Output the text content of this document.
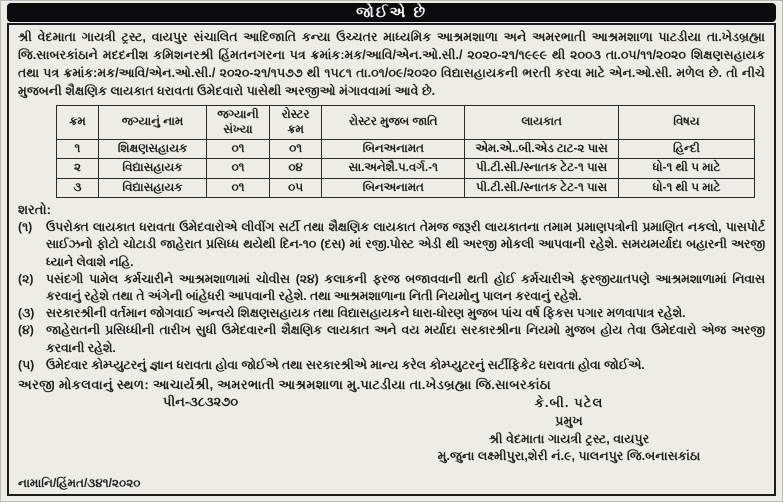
જોઈએ છે

શ્રી વેદમાતા ગાયત્રી ટ્રસ્ટ, વાયપુર સંચાલિત આદિજાતિ કન્યા ઉચ્ચતર માધ્યમિક આશ્રમશાળા અને અમરભાતી આશ્રમશાળા પાટડીયા તા.ખેડબ્રહ્મા જિ.સાબરકાંઠાને મદદનીશ કમિશનરશ્રી હિંમતનગરના પત્ર ક્રમાંક:મક/આવિ/એન.ઓ.સી./ ૨૦૨૦-૨૧/૧૯૯૯ થી ૨૦૦૩ તા.૦૫/૧૧/૨૦૨૦ શિક્ષણસહાયક તથા પત્ર ક્રમાંક:મક/આવિ/એન.ઓ.સી./ ૨૦૨૦-૨૧/૧૫૭૭ થી ૧૫૮૧ તા.૦૧/૦૯/૨૦૨૦ વિદ્યાસહાયકની ભરતી કરવા માટે એન.ઓ.સી. મળેલ છે. તો નીચે મુજબની શૈક્ષણિક લાયકાત ધરાવતા ઉમેદવારો પાસેથી અરજીઓ મંગાવવામાં આવે છે.

ક્રમ	જગ્યાનું નામ	જગ્યાની સંખ્યા	રોસ્ટર ક્રમ	રોસ્ટર મુજબ જાતિ	લાયકાત	વિષય
૧	શિક્ષણસહાયક	૦૧	૦૧	બિનઅનામત	એમ.એ..બી.એડ ટાટ-૨ પાસ	હિન્દી
૨	વિદ્યાસહાયક	૦૧	૦૪	સા.અનેશૈ.પ.વર્ગ.-૧	પી.ટી.સી./સ્નાતક ટેટ-૧ પાસ	ધો-૧ થી ૫ માટે
૩	વિદ્યાસહાયક	૦૧	૦૫	બિનઅનામત	પી.ટી.સી./સ્નાતક ટેટ-૧ પાસ	ધો-૧ થી ૫ માટે
શરતો:
(૧)	ઉપરોક્ત લાયકાત ધરાવતા ઉમેદવારોએ લીવીંગ સર્ટી તથા શૈક્ષણિક લાયકાત તેમજ જરૂરી લાયકાતના તમામ પ્રમાણપત્રોની પ્રમાણિત નકલો, પાસપોર્ટ સાઈઝનો ફોટો ચોટાડી જાહેરાત પ્રસિધ્ધ થયેથી દિન-૧૦ (દસ) માં રજી.પોસ્ટ એડી થી અરજી મોકલી આપવાની રહેશે. સમયમર્યાદા બહારની અરજી ધ્યાને લેવાશે નહિ.
(૨)	પસંદગી પામેલ કર્મચારીને આશ્રમશાળામાં ચોવીસ (૨૪) કલાકની ફરજ બજાવવાની થતી હોઈ કર્મચારીએ ફરજીયાતપણે આશ્રમશાળામાં નિવાસ કરવાનું રહેશે તથા તે અંગેની બાંહેધરી આપવાની રહેશે. તથા આશ્રમશાળાના નિતી નિયમોનુ પાલન કરવાનું રહેશે.
(૩) સરકારશ્રીની વર્તમાન જોગવાઈ અન્વયે શિક્ષણસહાયક તથા વિદ્યાસહાયકને ધારા-ધોરણ મુજબ પાંચ વર્ષ ફિકસ પગાર મળવાપાત્ર રહેશે.
(૪) જાહેરાતની પ્રસિધ્ધીની તારીખ સુધી ઉમેદવારની શૈક્ષણિક લાયકાત અને વય મર્યાદા સરકારશ્રીના નિયમો મુજબ હોય તેવા ઉમેદવારો એજ અરજી કરવાની રહેશે.
(૫) ઉમેદવાર કોમ્પ્યુટરનું જ્ઞાન ધરાવતા હોવા જોઈએ તથા સરકારશ્રીએ માન્ય કરેલ કોમ્પ્યુટરનું સર્ટીફિકેટ ધરાવતા હોવા જોઈએ.
અરજી મોકલવાનું સ્થળ: આચાર્યશ્રી, અમરભાતી આશ્રમશાળા મુ.પાટડીયા તા.ખેડબ્રહ્મા જિ.સાબરકાંઠા
પીન-૩૮૩૨૭૦
નામાનિ/હિંમત/૩૪૧/૨૦૨૦
કે.બી. પટેલ
પ્રમુખ
શ્રી વેદમાતા ગાયત્રી ટ્રસ્ટ, વાયપુર
મુ.જુના લક્ષ્મીપુરા,શેરી નં.૯, પાલનપુર જિ.બનાસકાંઠા
